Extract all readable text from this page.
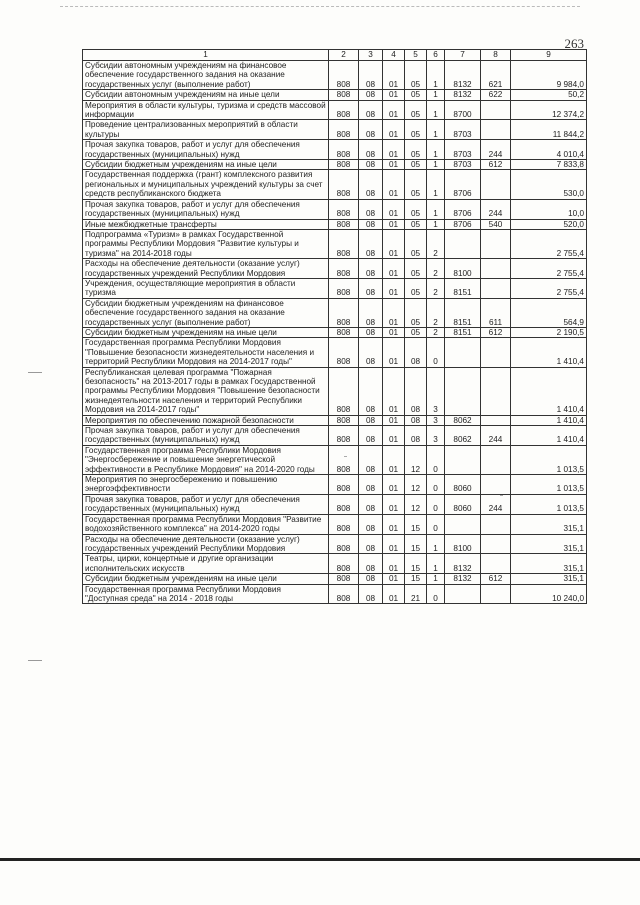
263
1	2	3	4	5	6	7	8	9
Субсидии автономным учреждениям на финансовое обеспечение государственного задания на оказание государственных услуг (выполнение работ)	808	08	01	05	1	8132	621	9 984,0
Субсидии автономным учреждениям на иные цели	808	08	01	05	1	8132	622	50,2
Мероприятия в области культуры, туризма и средств массовой информации	808	08	01	05	1	8700		12 374,2
Проведение централизованных мероприятий в области культуры	808	08	01	05	1	8703		11 844,2
Прочая закупка товаров, работ и услуг для обеспечения государственных (муниципальных) нужд	808	08	01	05	1	8703	244	4 010,4
Субсидии бюджетным учреждениям на иные цели	808	08	01	05	1	8703	612	7 833,8
Государственная поддержка (грант) комплексного развития региональных и муниципальных учреждений культуры за счет средств республиканского бюджета	808	08	01	05	1	8706		530,0
Прочая закупка товаров, работ и услуг для обеспечения государственных (муниципальных) нужд	808	08	01	05	1	8706	244	10,0
Иные межбюджетные трансферты	808	08	01	05	1	8706	540	520,0
Подпрограмма «Туризм» в рамках Государственной программы Республики Мордовия "Развитие культуры и туризма" на 2014-2018 годы	808	08	01	05	2			2 755,4
Расходы на обеспечение деятельности (оказание услуг) государственных учреждений Республики Мордовия	808	08	01	05	2	8100		2 755,4
Учреждения, осуществляющие мероприятия в области туризма	808	08	01	05	2	8151		2 755,4
Субсидии бюджетным учреждениям на финансовое обеспечение государственного задания на оказание государственных услуг (выполнение работ)	808	08	01	05	2	8151	611	564,9
Субсидии бюджетным учреждениям на иные цели	808	08	01	05	2	8151	612	2 190,5
Государственная программа Республики Мордовия "Повышение безопасности жизнедеятельности населения и территорий Республики Мордовия на 2014-2017 годы"	808	08	01	08	0			1 410,4
Республиканская целевая программа "Пожарная безопасность" на 2013-2017 годы в рамках Государственной программы Республики Мордовия "Повышение безопасности жизнедеятельности населения и территорий Республики Мордовия на 2014-2017 годы"	808	08	01	08	3			1 410,4
Мероприятия по обеспечению пожарной безопасности	808	08	01	08	3	8062		1 410,4
Прочая закупка товаров, работ и услуг для обеспечения государственных (муниципальных) нужд	808	08	01	08	3	8062	244	1 410,4
Государственная программа Республики Мордовия "Энергосбережение и повышение энергетической эффективности в Республике Мордовия" на 2014-2020 годы	808	08	01	12	0			1 013,5
Мероприятия по энергосбережению и повышению энергоэффективности	808	08	01	12	0	8060		1 013,5
Прочая закупка товаров, работ и услуг для обеспечения государственных (муниципальных) нужд	808	08	01	12	0	8060	244	1 013,5
Государственная программа Республики Мордовия "Развитие водохозяйственного комплекса" на 2014-2020 годы	808	08	01	15	0			315,1
Расходы на обеспечение деятельности (оказание услуг) государственных учреждений Республики Мордовия	808	08	01	15	1	8100		315,1
Театры, цирки, концертные и другие организации исполнительских искусств	808	08	01	15	1	8132		315,1
Субсидии бюджетным учреждениям на иные цели	808	08	01	15	1	8132	612	315,1
Государственная программа Республики Мордовия "Доступная среда" на 2014 - 2018 годы	808	08	01	21	0			10 240,0
